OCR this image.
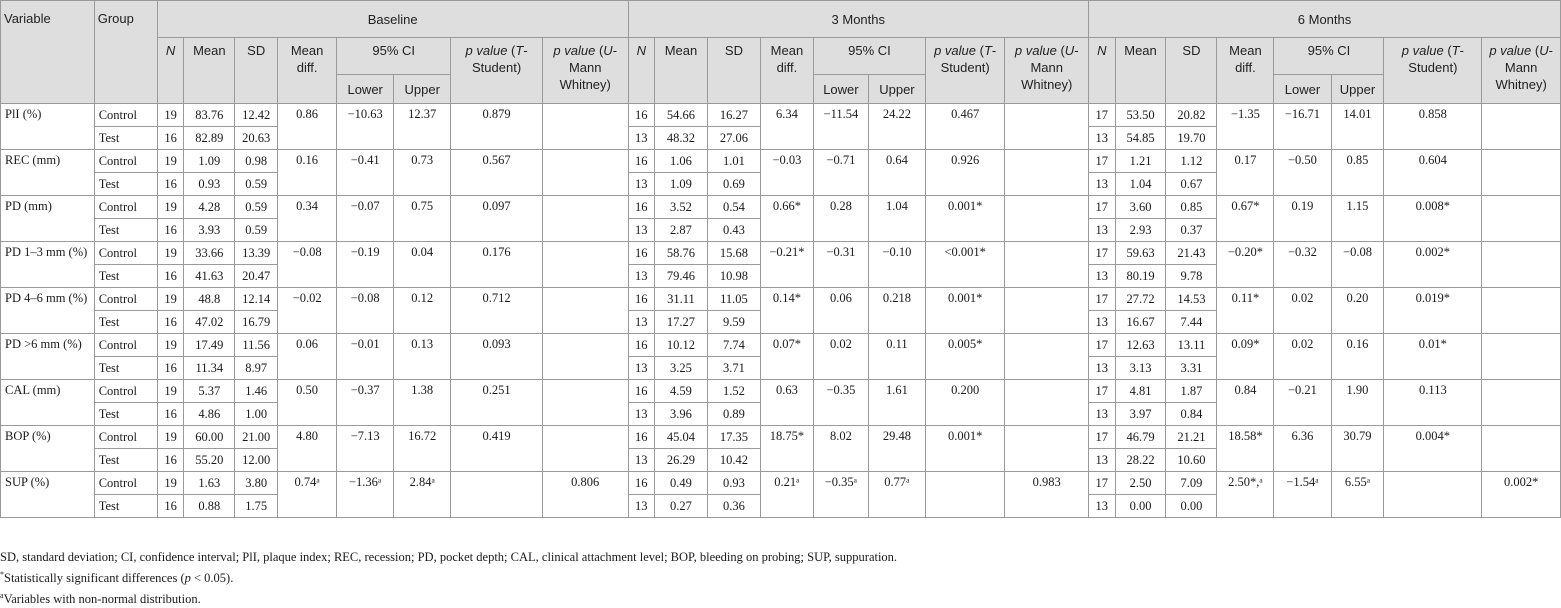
Variable	Group	Baseline								3 Months								6 Months							
		N	Mean	SD	Mean diff.	95% CI		p value (T-Student)	p value (U-Mann Whitney)	N	Mean	SD	Mean diff.	95% CI		p value (T-Student)	p value (U-Mann Whitney)	N	Mean	SD	Mean diff.	95% CI		p value (T-Student)	p value (U-Mann Whitney)
						Lower	Upper							Lower	Upper							Lower	Upper		
PlI (%)	Control	19	83.76	12.42	0.86	−10.63	12.37	0.879		16	54.66	16.27	6.34	−11.54	24.22	0.467		17	53.50	20.82	−1.35	−16.71	14.01	0.858	
	Test	16	82.89	20.63						13	48.32	27.06						13	54.85	19.70					
REC (mm)	Control	19	1.09	0.98	0.16	−0.41	0.73	0.567		16	1.06	1.01	−0.03	−0.71	0.64	0.926		17	1.21	1.12	0.17	−0.50	0.85	0.604	
	Test	16	0.93	0.59						13	1.09	0.69						13	1.04	0.67					
PD (mm)	Control	19	4.28	0.59	0.34	−0.07	0.75	0.097		16	3.52	0.54	0.66*	0.28	1.04	0.001*		17	3.60	0.85	0.67*	0.19	1.15	0.008*	
	Test	16	3.93	0.59						13	2.87	0.43						13	2.93	0.37					
PD 1–3 mm (%)	Control	19	33.66	13.39	−0.08	−0.19	0.04	0.176		16	58.76	15.68	−0.21*	−0.31	−0.10	<0.001*		17	59.63	21.43	−0.20*	−0.32	−0.08	0.002*	
	Test	16	41.63	20.47						13	79.46	10.98						13	80.19	9.78					
PD 4–6 mm (%)	Control	19	48.8	12.14	−0.02	−0.08	0.12	0.712		16	31.11	11.05	0.14*	0.06	0.218	0.001*		17	27.72	14.53	0.11*	0.02	0.20	0.019*	
	Test	16	47.02	16.79						13	17.27	9.59						13	16.67	7.44					
PD >6 mm (%)	Control	19	17.49	11.56	0.06	−0.01	0.13	0.093		16	10.12	7.74	0.07*	0.02	0.11	0.005*		17	12.63	13.11	0.09*	0.02	0.16	0.01*	
	Test	16	11.34	8.97						13	3.25	3.71						13	3.13	3.31					
CAL (mm)	Control	19	5.37	1.46	0.50	−0.37	1.38	0.251		16	4.59	1.52	0.63	−0.35	1.61	0.200		17	4.81	1.87	0.84	−0.21	1.90	0.113	
	Test	16	4.86	1.00						13	3.96	0.89						13	3.97	0.84					
BOP (%)	Control	19	60.00	21.00	4.80	−7.13	16.72	0.419		16	45.04	17.35	18.75*	8.02	29.48	0.001*		17	46.79	21.21	18.58*	6.36	30.79	0.004*	
	Test	16	55.20	12.00						13	26.29	10.42						13	28.22	10.60					
SUP (%)	Control	19	1.63	3.80	0.74ᵃ	−1.36ᵃ	2.84ᵃ		0.806	16	0.49	0.93	0.21ᵃ	−0.35ᵃ	0.77ᵃ		0.983	17	2.50	7.09	2.50*,ᵃ	−1.54ᵃ	6.55ᵃ		0.002*
	Test	16	0.88	1.75						13	0.27	0.36						13	0.00	0.00					
SD, standard deviation; CI, confidence interval; PlI, plaque index; REC, recession; PD, pocket depth; CAL, clinical attachment level; BOP, bleeding on probing; SUP, suppuration.
*Statistically significant differences (p < 0.05).
$^a$Variables with non-normal distribution.
